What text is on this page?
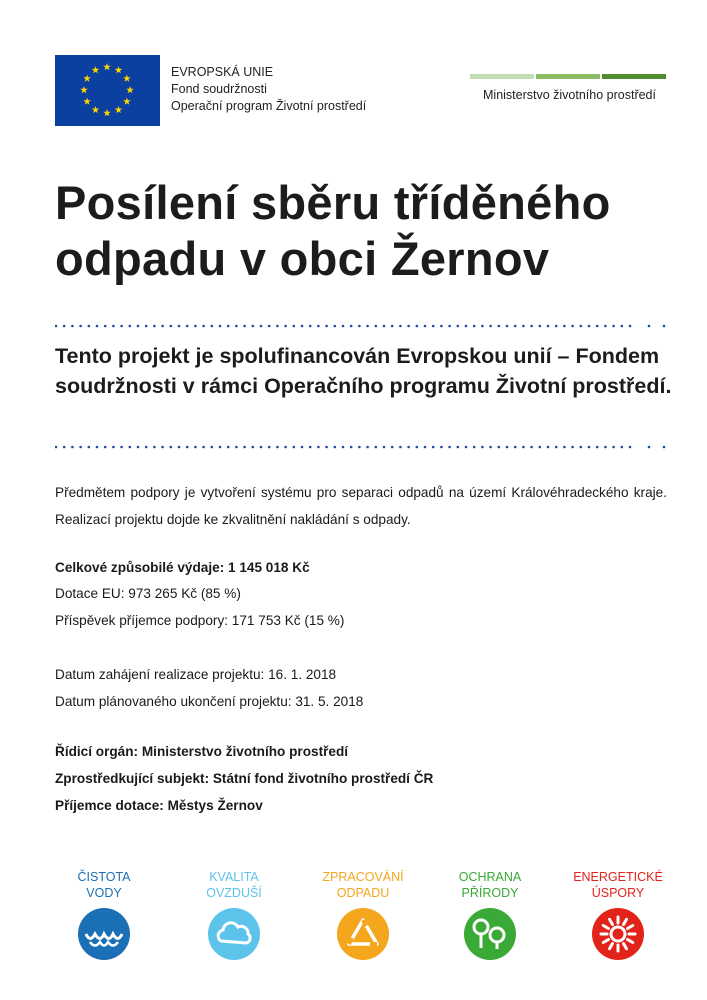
EVROPSKÁ UNIE
Fond soudržnosti
Operační program Životní prostředí
Ministerstvo životního prostředí
Posílení sběru tříděného
odpadu v obci Žernov

Tento projekt je spolufinancován Evropskou unií – Fondem soudržnosti v rámci Operačního programu Životní prostředí.

Předmětem podpory je vytvoření systému pro separaci odpadů na území Královéhradeckého kraje. Realizací projektu dojde ke zkvalitnění nakládání s odpady.

Celkové způsobilé výdaje: 1 145 018 Kč
Dotace EU: 973 265 Kč (85 %)
Příspěvek příjemce podpory: 171 753 Kč (15 %)
Datum zahájení realizace projektu: 16. 1. 2018
Datum plánovaného ukončení projektu: 31. 5. 2018
Řídicí orgán: Ministerstvo životního prostředí
Zprostředkující subjekt: Státní fond životního prostředí ČR
Příjemce dotace: Městys Žernov
ČISTOTA
VODY
KVALITA
OVZDUŠÍ
ZPRACOVÁNÍ
ODPADU
OCHRANA
PŘÍRODY
ENERGETICKÉ
ÚSPORY
